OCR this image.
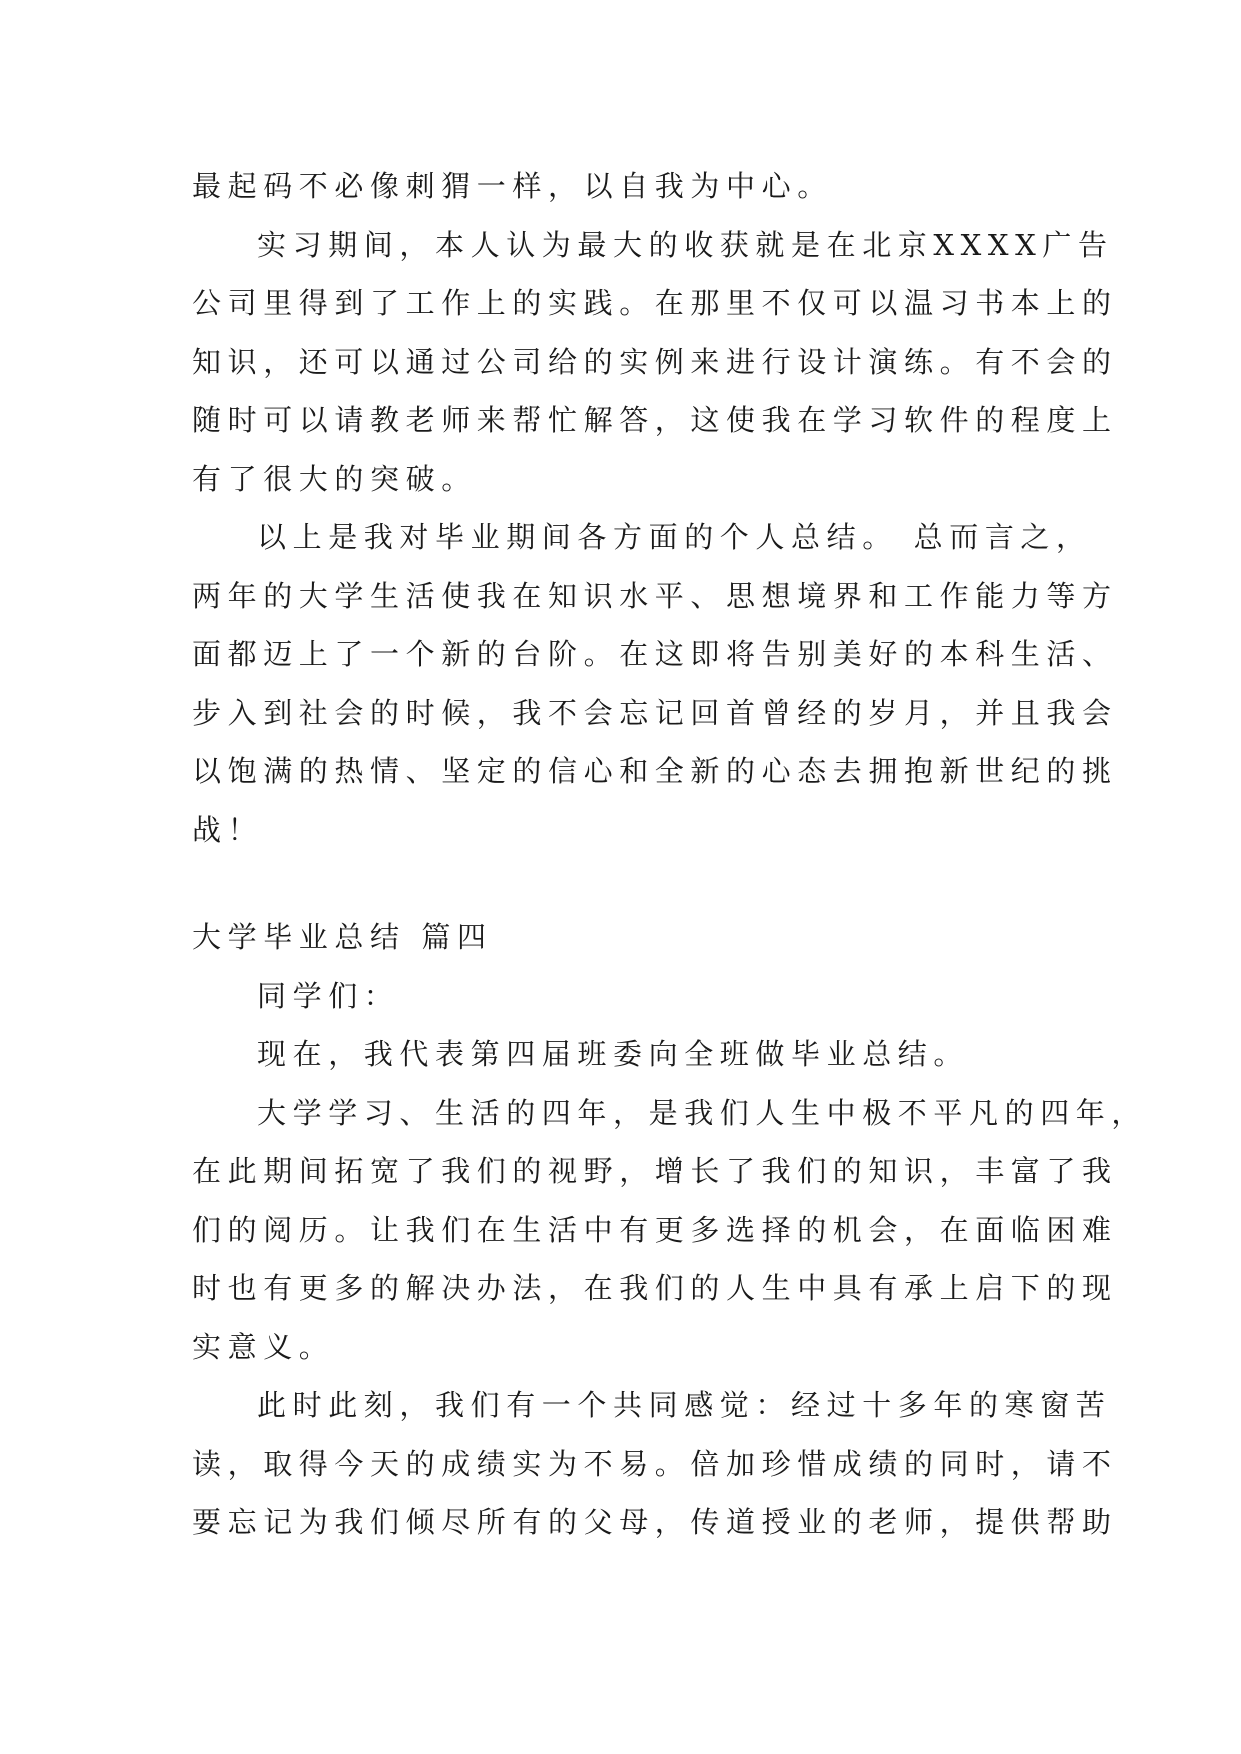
最起码不必像刺猬一样，以自我为中心。
实习期间，本人认为最大的收获就是在北京XXXX广告
公司里得到了工作上的实践。在那里不仅可以温习书本上的
知识，还可以通过公司给的实例来进行设计演练。有不会的
随时可以请教老师来帮忙解答，这使我在学习软件的程度上
有了很大的突破。
以上是我对毕业期间各方面的个人总结。 总而言之，
两年的大学生活使我在知识水平、思想境界和工作能力等方
面都迈上了一个新的台阶。在这即将告别美好的本科生活、
步入到社会的时候，我不会忘记回首曾经的岁月，并且我会
以饱满的热情、坚定的信心和全新的心态去拥抱新世纪的挑
战！
大学毕业总结 篇四
同学们：
现在，我代表第四届班委向全班做毕业总结。
大学学习、生活的四年，是我们人生中极不平凡的四年，
在此期间拓宽了我们的视野，增长了我们的知识，丰富了我
们的阅历。让我们在生活中有更多选择的机会，在面临困难
时也有更多的解决办法，在我们的人生中具有承上启下的现
实意义。
此时此刻，我们有一个共同感觉：经过十多年的寒窗苦
读，取得今天的成绩实为不易。倍加珍惜成绩的同时，请不
要忘记为我们倾尽所有的父母，传道授业的老师，提供帮助
